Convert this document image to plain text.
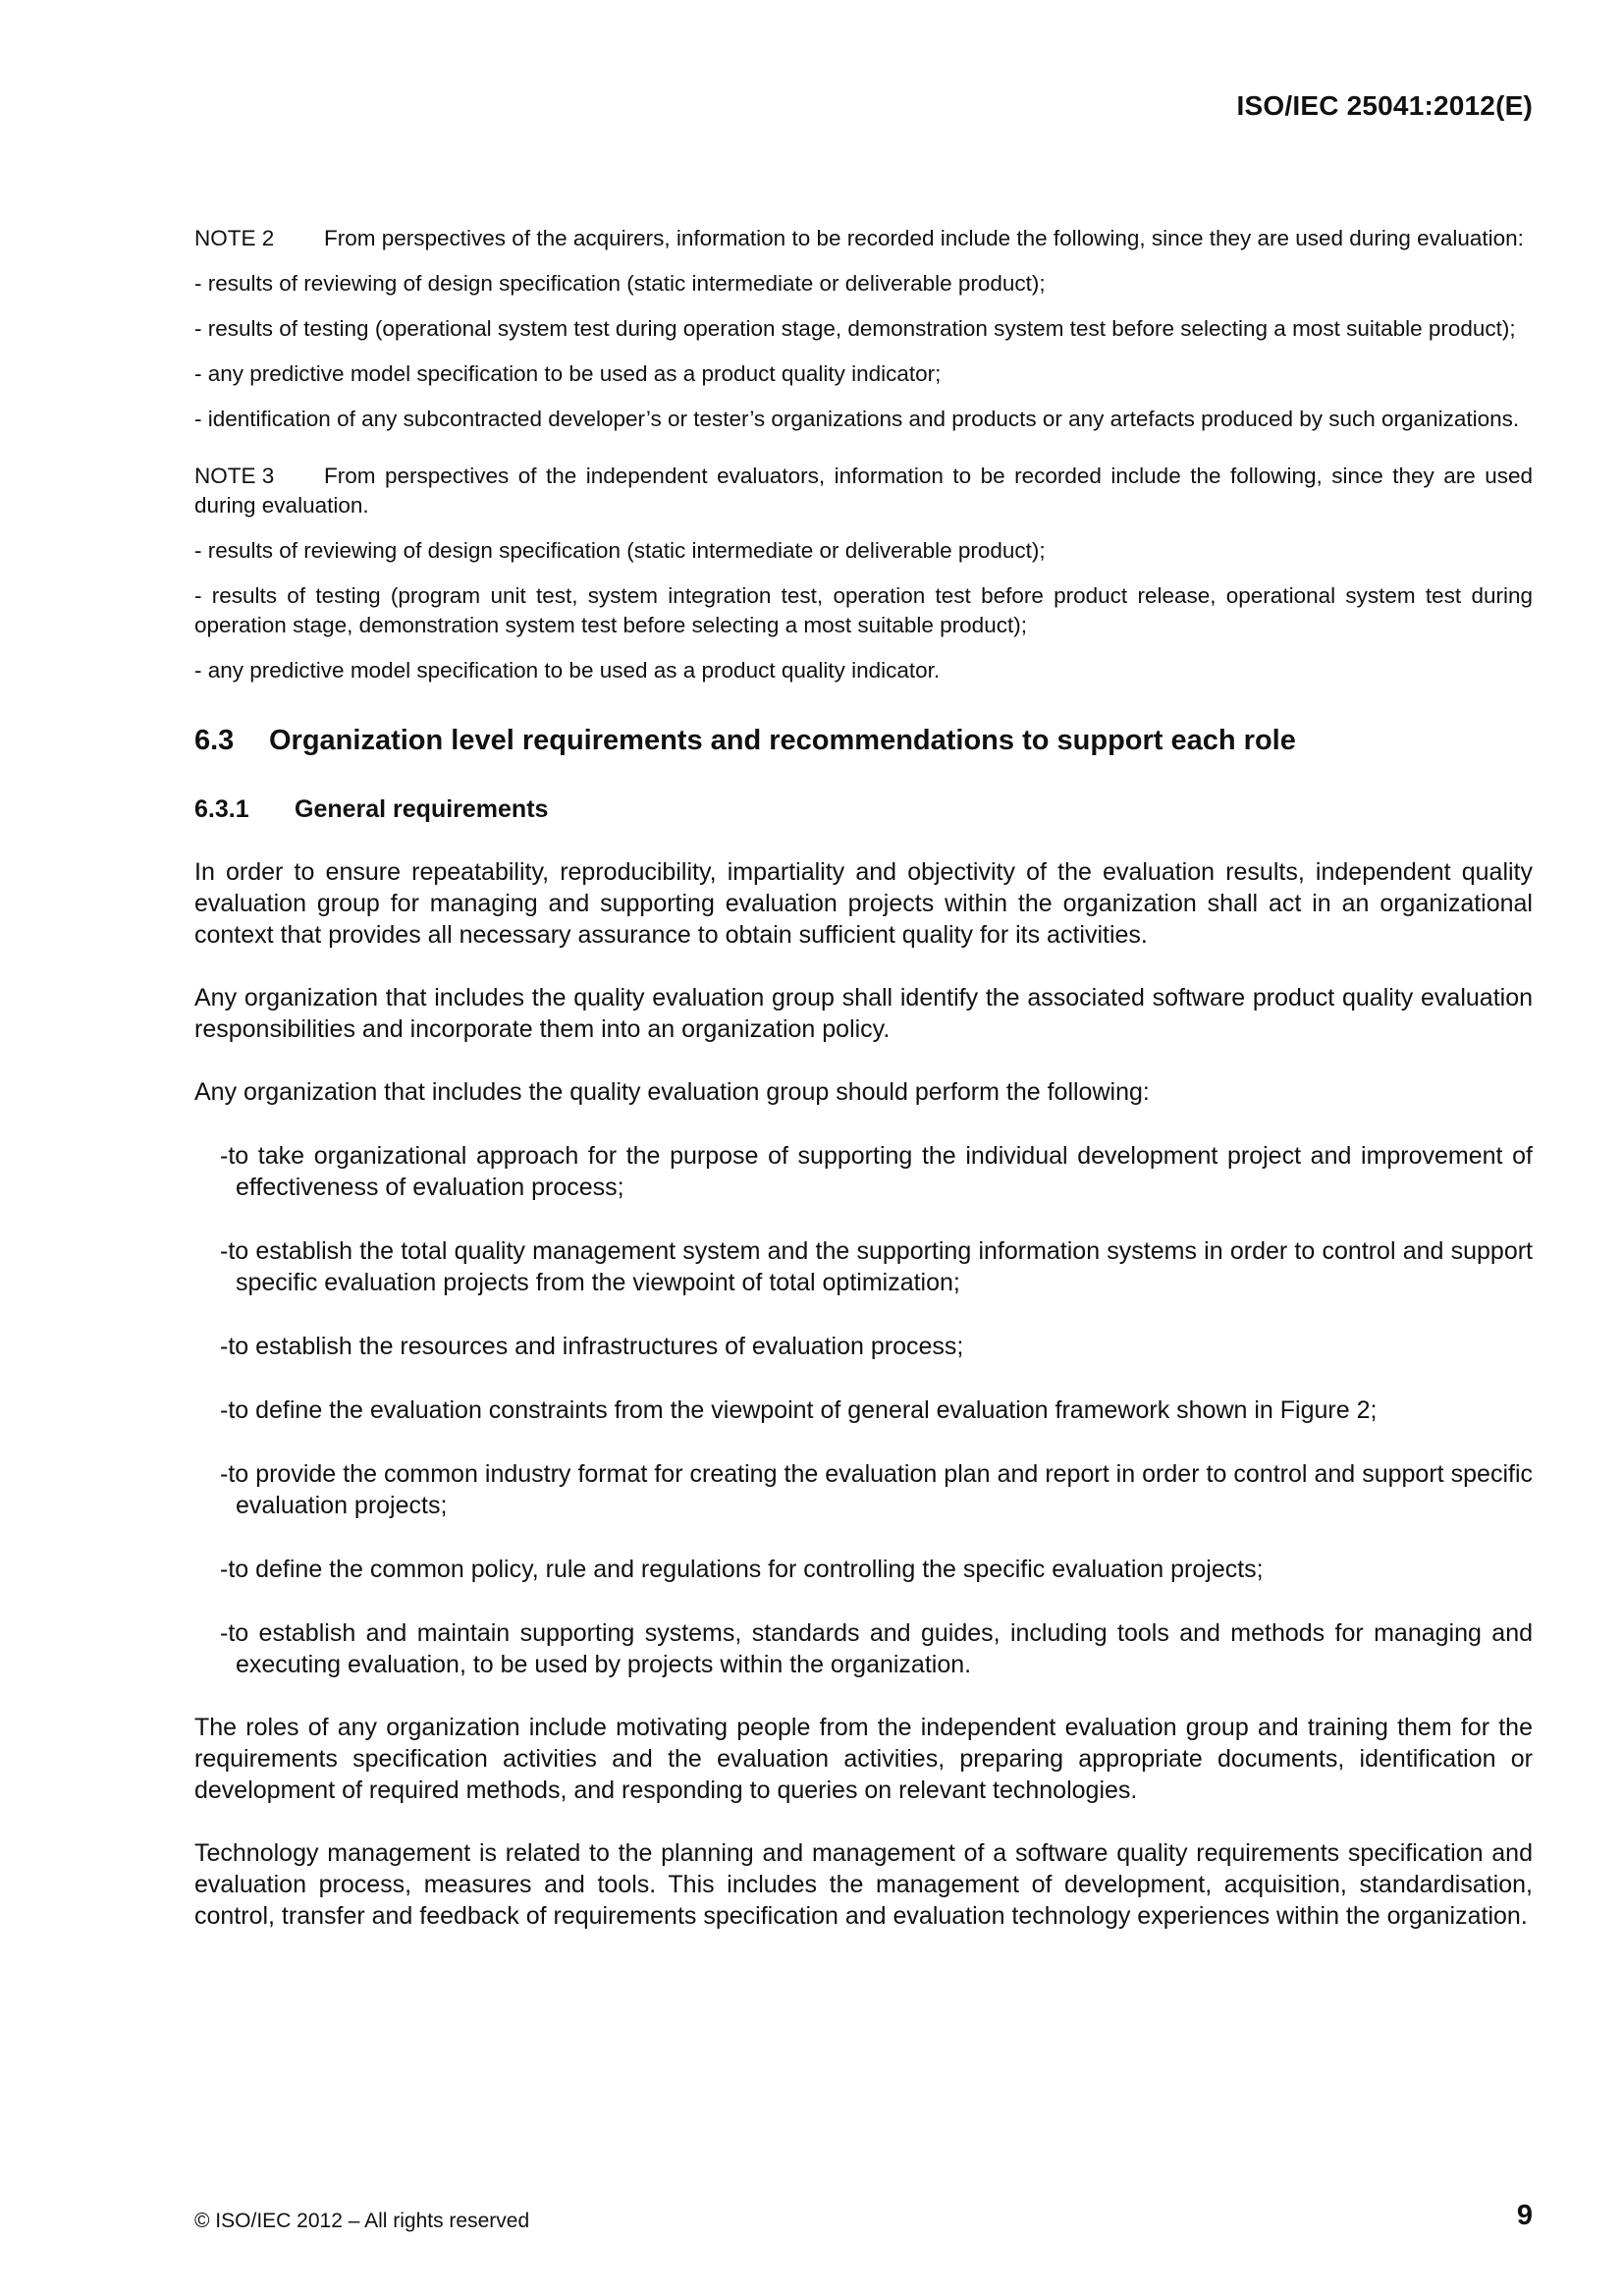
ISO/IEC 25041:2012(E)

NOTE 2 From perspectives of the acquirers, information to be recorded include the following, since they are used during evaluation:

- results of reviewing of design specification (static intermediate or deliverable product);

- results of testing (operational system test during operation stage, demonstration system test before selecting a most suitable product);

- any predictive model specification to be used as a product quality indicator;

- identification of any subcontracted developer’s or tester’s organizations and products or any artefacts produced by such organizations.

NOTE 3 From perspectives of the independent evaluators, information to be recorded include the following, since they are used during evaluation.

- results of reviewing of design specification (static intermediate or deliverable product);

- results of testing (program unit test, system integration test, operation test before product release, operational system test during operation stage, demonstration system test before selecting a most suitable product);

- any predictive model specification to be used as a product quality indicator.

6.3 Organization level requirements and recommendations to support each role
6.3.1 General requirements

In order to ensure repeatability, reproducibility, impartiality and objectivity of the evaluation results, independent quality evaluation group for managing and supporting evaluation projects within the organization shall act in an organizational context that provides all necessary assurance to obtain sufficient quality for its activities.

Any organization that includes the quality evaluation group shall identify the associated software product quality evaluation responsibilities and incorporate them into an organization policy.

Any organization that includes the quality evaluation group should perform the following:

-to take organizational approach for the purpose of supporting the individual development project and improvement of effectiveness of evaluation process;
-to establish the total quality management system and the supporting information systems in order to control and support specific evaluation projects from the viewpoint of total optimization;
-to establish the resources and infrastructures of evaluation process;
-to define the evaluation constraints from the viewpoint of general evaluation framework shown in Figure 2;
-to provide the common industry format for creating the evaluation plan and report in order to control and support specific evaluation projects;
-to define the common policy, rule and regulations for controlling the specific evaluation projects;
-to establish and maintain supporting systems, standards and guides, including tools and methods for managing and executing evaluation, to be used by projects within the organization.

The roles of any organization include motivating people from the independent evaluation group and training them for the requirements specification activities and the evaluation activities, preparing appropriate documents, identification or development of required methods, and responding to queries on relevant technologies.

Technology management is related to the planning and management of a software quality requirements specification and evaluation process, measures and tools. This includes the management of development, acquisition, standardisation, control, transfer and feedback of requirements specification and evaluation technology experiences within the organization.

© ISO/IEC 2012 – All rights reserved	9
